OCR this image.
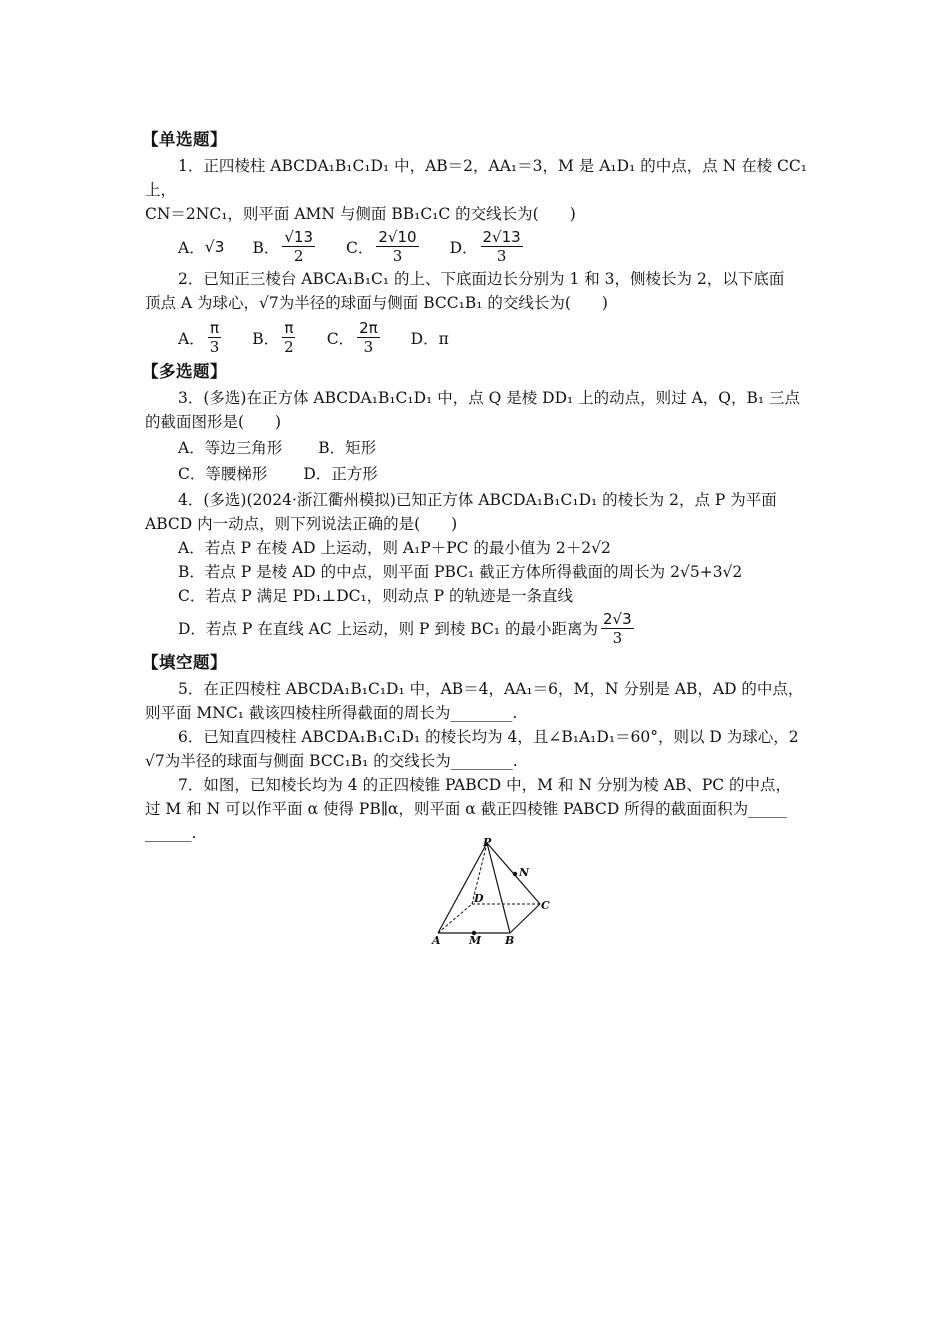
【单选题】

1．正四棱柱 ABCDA₁B₁C₁D₁ 中，AB＝2，AA₁＝3，M 是 A₁D₁ 的中点，点 N 在棱 CC₁ 上，

CN＝2NC₁，则平面 AMN 与侧面 BB₁C₁C 的交线长为(　　)

A． √3 B． $\frac{√13}{2}$ C． $\frac{2√10}{3}$ D． $\frac{2√13}{3}$

2．已知正三棱台 ABCA₁B₁C₁ 的上、下底面边长分别为 1 和 3，侧棱长为 2，以下底面

顶点 A 为球心，√7为半径的球面与侧面 BCC₁B₁ 的交线长为(　　)

A． $\frac{\pi}{3}$ B． $\frac{\pi}{2}$ C． $\frac{2\pi}{3}$ D．π
【多选题】

3．(多选)在正方体 ABCDA₁B₁C₁D₁ 中，点 Q 是棱 DD₁ 上的动点，则过 A，Q，B₁ 三点

的截面图形是(　　)

A．等边三角形 B．矩形
C．等腰梯形 D．正方形

4．(多选)(2024·浙江衢州模拟)已知正方体 ABCDA₁B₁C₁D₁ 的棱长为 2，点 P 为平面

ABCD 内一动点，则下列说法正确的是(　　)

A．若点 P 在棱 AD 上运动，则 A₁P＋PC 的最小值为 2＋2√2

B．若点 P 是棱 AD 的中点，则平面 PBC₁ 截正方体所得截面的周长为 2√5+3√2

C．若点 P 满足 PD₁⊥DC₁，则动点 P 的轨迹是一条直线

D．若点 P 在直线 AC 上运动，则 P 到棱 BC₁ 的最小距离为 $\frac{2√3}{3}$
【填空题】

5．在正四棱柱 ABCDA₁B₁C₁D₁ 中，AB＝4，AA₁＝6，M，N 分别是 AB，AD 的中点，

则平面 MNC₁ 截该四棱柱所得截面的周长为________.

6．已知直四棱柱 ABCDA₁B₁C₁D₁ 的棱长均为 4，且∠B₁A₁D₁＝60°，则以 D 为球心，2

√7为半径的球面与侧面 BCC₁B₁ 的交线长为________.

7．如图，已知棱长均为 4 的正四棱锥 PABCD 中，M 和 N 分别为棱 AB、PC 的中点，

过 M 和 N 可以作平面 α 使得 PB∥α，则平面 α 截正四棱锥 PABCD 所得的截面面积为_____

______.

P
N
D
C
A	M B
